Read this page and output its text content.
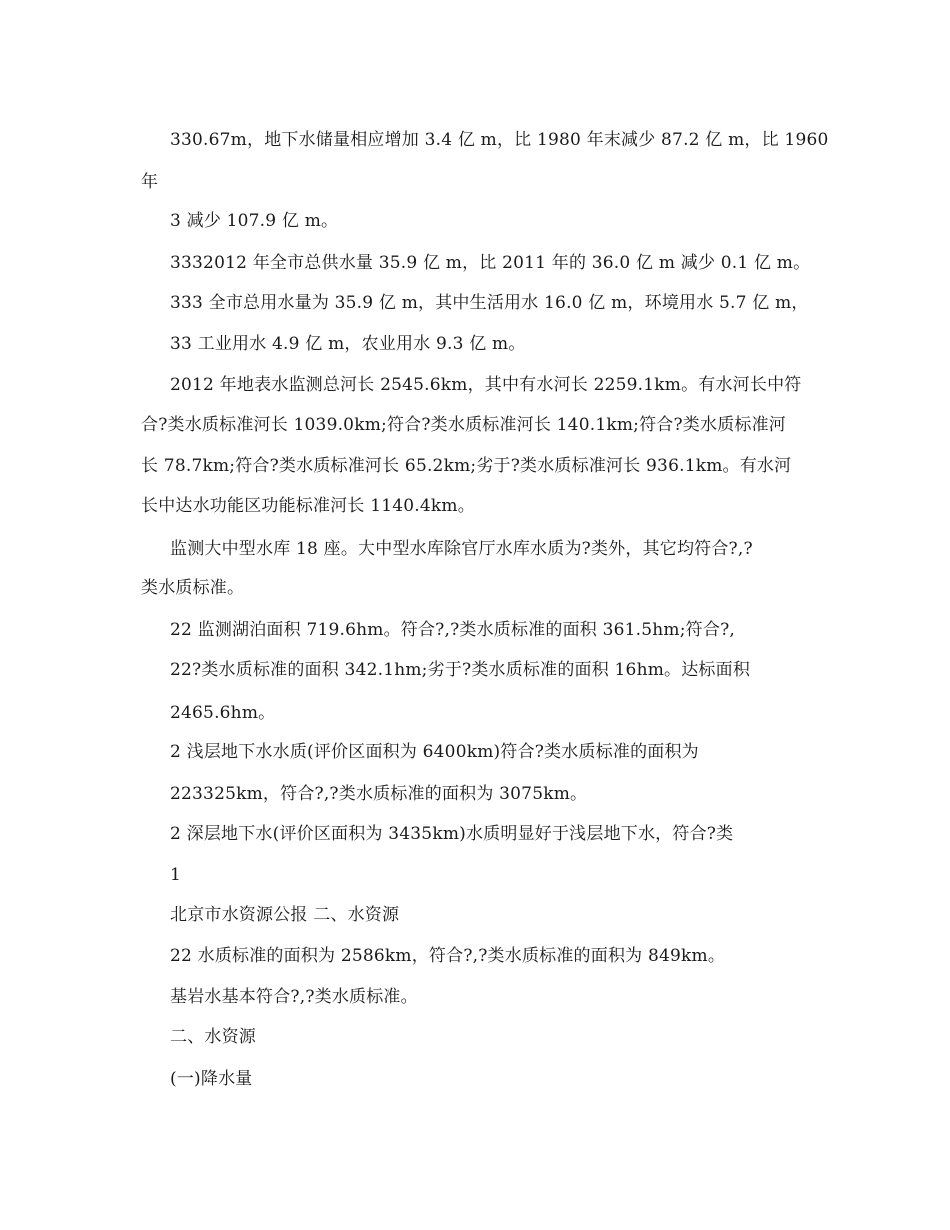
330.67m，地下水储量相应增加 3.4 亿 m，比 1980 年末减少 87.2 亿 m，比 1960
年
3 减少 107.9 亿 m。
3332012 年全市总供水量 35.9 亿 m，比 2011 年的 36.0 亿 m 减少 0.1 亿 m。
333 全市总用水量为 35.9 亿 m，其中生活用水 16.0 亿 m，环境用水 5.7 亿 m，
33 工业用水 4.9 亿 m，农业用水 9.3 亿 m。
2012 年地表水监测总河长 2545.6km，其中有水河长 2259.1km。有水河长中符
合?类水质标准河长 1039.0km;符合?类水质标准河长 140.1km;符合?类水质标准河
长 78.7km;符合?类水质标准河长 65.2km;劣于?类水质标准河长 936.1km。有水河
长中达水功能区功能标准河长 1140.4km。
监测大中型水库 18 座。大中型水库除官厅水库水质为?类外，其它均符合?,?
类水质标准。
22 监测湖泊面积 719.6hm。符合?,?类水质标准的面积 361.5hm;符合?,
22?类水质标准的面积 342.1hm;劣于?类水质标准的面积 16hm。达标面积
2465.6hm。
2 浅层地下水水质(评价区面积为 6400km)符合?类水质标准的面积为
223325km，符合?,?类水质标准的面积为 3075km。
2 深层地下水(评价区面积为 3435km)水质明显好于浅层地下水，符合?类
1
北京市水资源公报 二、水资源
22 水质标准的面积为 2586km，符合?,?类水质标准的面积为 849km。
基岩水基本符合?,?类水质标准。
二、水资源
(一)降水量
